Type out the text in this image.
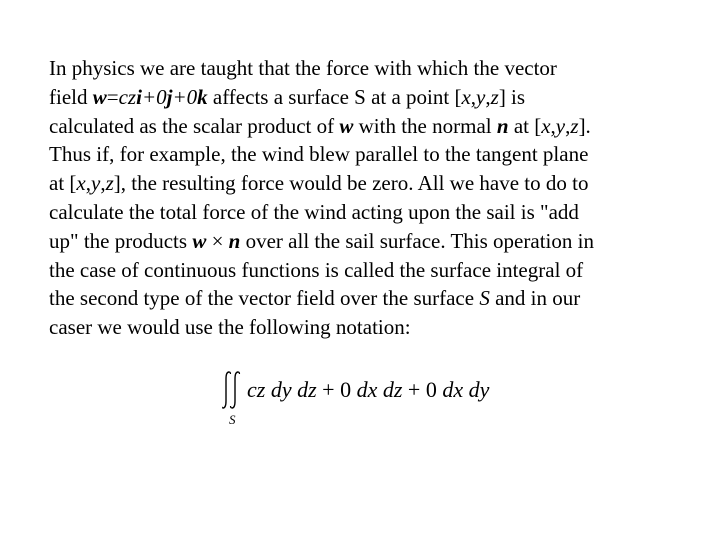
In physics we are taught that the force with which the vector
field w=czi+0j+0k affects a surface S at a point [x,y,z] is
calculated as the scalar product of w with the normal n at [x,y,z].
Thus if, for example, the wind blew parallel to the tangent plane
at [x,y,z], the resulting force would be zero. All we have to do to
calculate the total force of the wind acting upon the sail is "add
up" the products w × n over all the sail surface. This operation in
the case of continuous functions is called the surface integral of
the second type of the vector field over the surface S and in our
caser we would use the following notation:
S
cz dy dz + 0 dx dz + 0 dx dy
